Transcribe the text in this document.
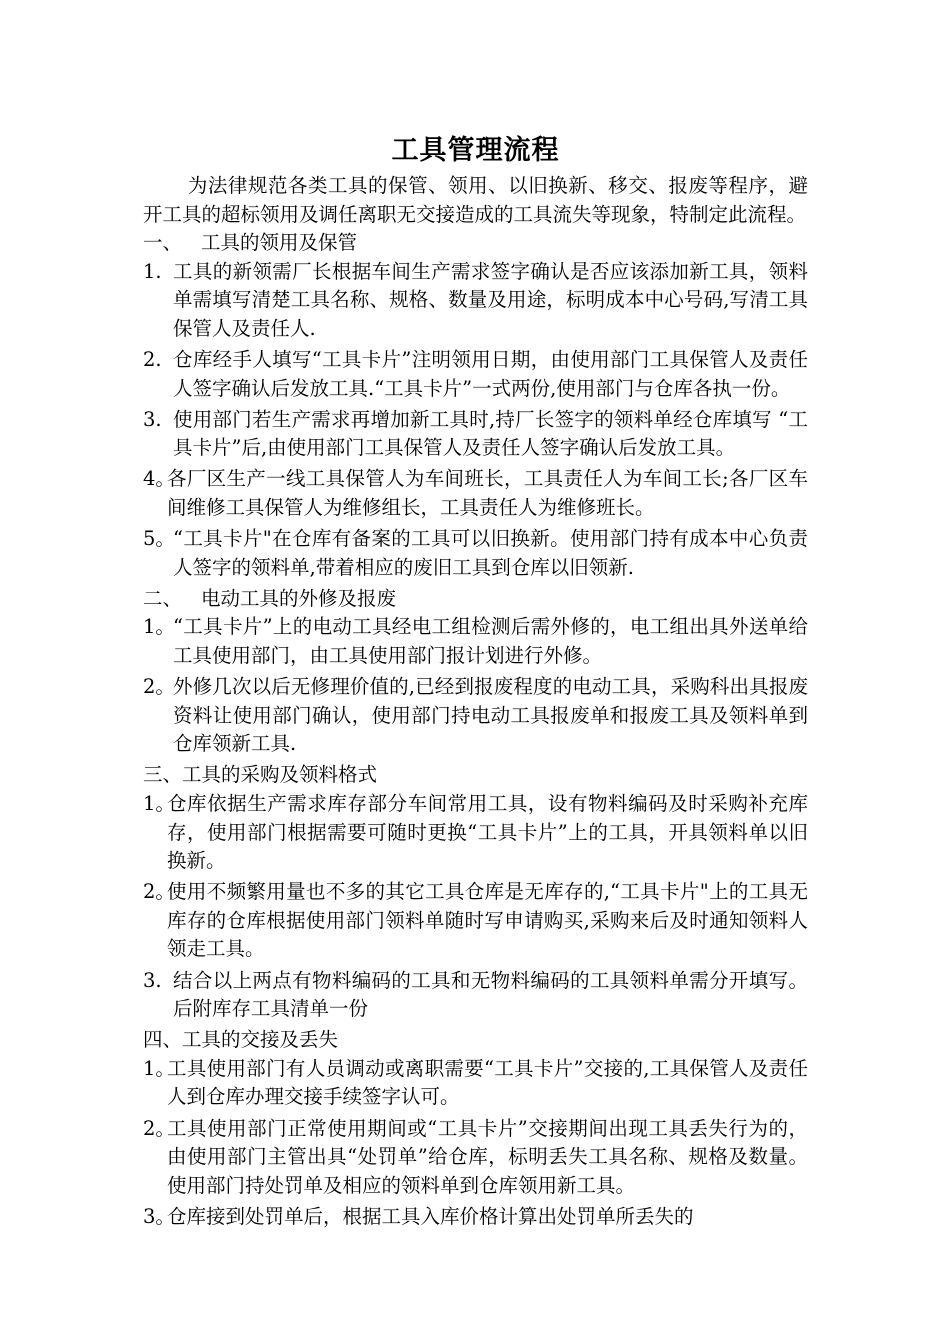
工具管理流程

为法律规范各类工具的保管、领用、以旧换新、移交、报废等程序，避开工具的超标领用及调任离职无交接造成的工具流失等现象，特制定此流程。

一、 工具的领用及保管
1. 工具的新领需厂长根据车间生产需求签字确认是否应该添加新工具，领料单需填写清楚工具名称、规格、数量及用途，标明成本中心号码,写清工具保管人及责任人.
2. 仓库经手人填写“工具卡片”注明领用日期，由使用部门工具保管人及责任人签字确认后发放工具.“工具卡片”一式两份,使用部门与仓库各执一份。
3. 使用部门若生产需求再增加新工具时,持厂长签字的领料单经仓库填写 “工具卡片”后,由使用部门工具保管人及责任人签字确认后发放工具。
4。
各厂区生产一线工具保管人为车间班长，工具责任人为车间工长;各厂区车间维修工具保管人为维修组长，工具责任人为维修班长。
5。
“工具卡片"在仓库有备案的工具可以旧换新。使用部门持有成本中心负责人签字的领料单,带着相应的废旧工具到仓库以旧领新.
二、 电动工具的外修及报废
1。
“工具卡片”上的电动工具经电工组检测后需外修的，电工组出具外送单给工具使用部门，由工具使用部门报计划进行外修。
2。
外修几次以后无修理价值的,已经到报废程度的电动工具，采购科出具报废资料让使用部门确认，使用部门持电动工具报废单和报废工具及领料单到仓库领新工具.
三、 工具的采购及领料格式
1。
仓库依据生产需求库存部分车间常用工具，设有物料编码及时采购补充库存，使用部门根据需要可随时更换“工具卡片”上的工具，开具领料单以旧换新。
2。
使用不频繁用量也不多的其它工具仓库是无库存的,“工具卡片"上的工具无库存的仓库根据使用部门领料单随时写申请购买,采购来后及时通知领料人领走工具。
3. 结合以上两点有物料编码的工具和无物料编码的工具领料单需分开填写。后附库存工具清单一份
四、 工具的交接及丢失
1。
工具使用部门有人员调动或离职需要“工具卡片”交接的,工具保管人及责任人到仓库办理交接手续签字认可。
2。
工具使用部门正常使用期间或“工具卡片”交接期间出现工具丢失行为的，由使用部门主管出具“处罚单”给仓库，标明丢失工具名称、规格及数量。使用部门持处罚单及相应的领料单到仓库领用新工具。
3。
仓库接到处罚单后，根据工具入库价格计算出处罚单所丢失的
